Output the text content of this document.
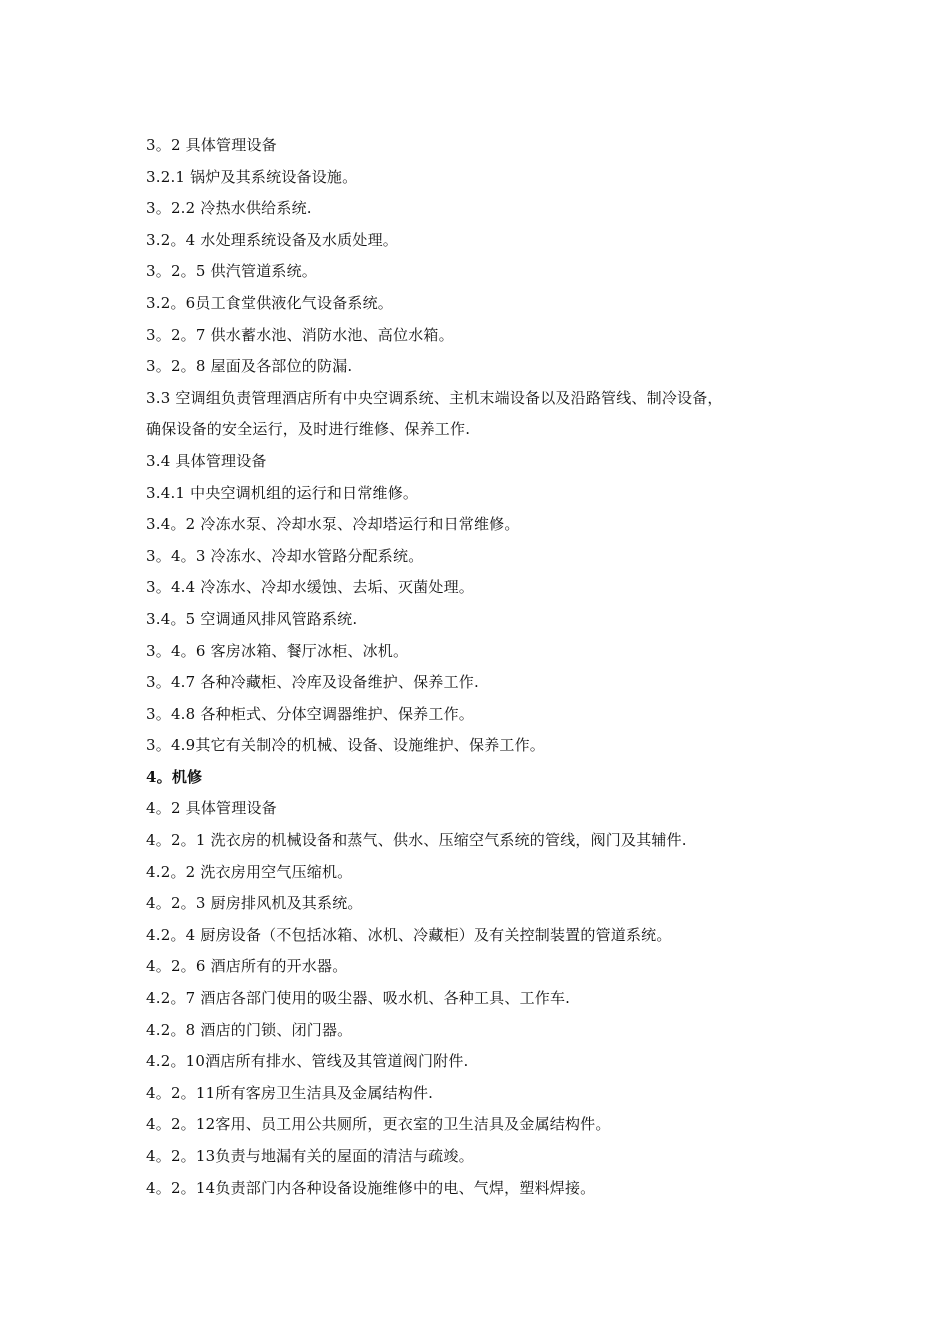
3。2 具体管理设备
3.2.1 锅炉及其系统设备设施。
3。2.2 冷热水供给系统.
3.2。4 水处理系统设备及水质处理。
3。2。5 供汽管道系统。
3.2。6员工食堂供液化气设备系统。
3。2。7 供水蓄水池、消防水池、高位水箱。
3。2。8 屋面及各部位的防漏.
3.3 空调组负责管理酒店所有中央空调系统、主机末端设备以及沿路管线、制冷设备，
确保设备的安全运行，及时进行维修、保养工作.
3.4 具体管理设备
3.4.1 中央空调机组的运行和日常维修。
3.4。2 冷冻水泵、冷却水泵、冷却塔运行和日常维修。
3。4。3 冷冻水、冷却水管路分配系统。
3。4.4 冷冻水、冷却水缓蚀、去垢、灭菌处理。
3.4。5 空调通风排风管路系统.
3。4。6 客房冰箱、餐厅冰柜、冰机。
3。4.7 各种冷藏柜、冷库及设备维护、保养工作.
3。4.8 各种柜式、分体空调器维护、保养工作。
3。4.9其它有关制冷的机械、设备、设施维护、保养工作。
4。机修
4。2 具体管理设备
4。2。1 洗衣房的机械设备和蒸气、供水、压缩空气系统的管线，阀门及其辅件.
4.2。2 洗衣房用空气压缩机。
4。2。3 厨房排风机及其系统。
4.2。4 厨房设备（不包括冰箱、冰机、冷藏柜）及有关控制装置的管道系统。
4。2。6 酒店所有的开水器。
4.2。7 酒店各部门使用的吸尘器、吸水机、各种工具、工作车.
4.2。8 酒店的门锁、闭门器。
4.2。10酒店所有排水、管线及其管道阀门附件.
4。2。11所有客房卫生洁具及金属结构件.
4。2。12客用、员工用公共厕所，更衣室的卫生洁具及金属结构件。
4。2。13负责与地漏有关的屋面的清洁与疏竣。
4。2。14负责部门内各种设备设施维修中的电、气焊，塑料焊接。
